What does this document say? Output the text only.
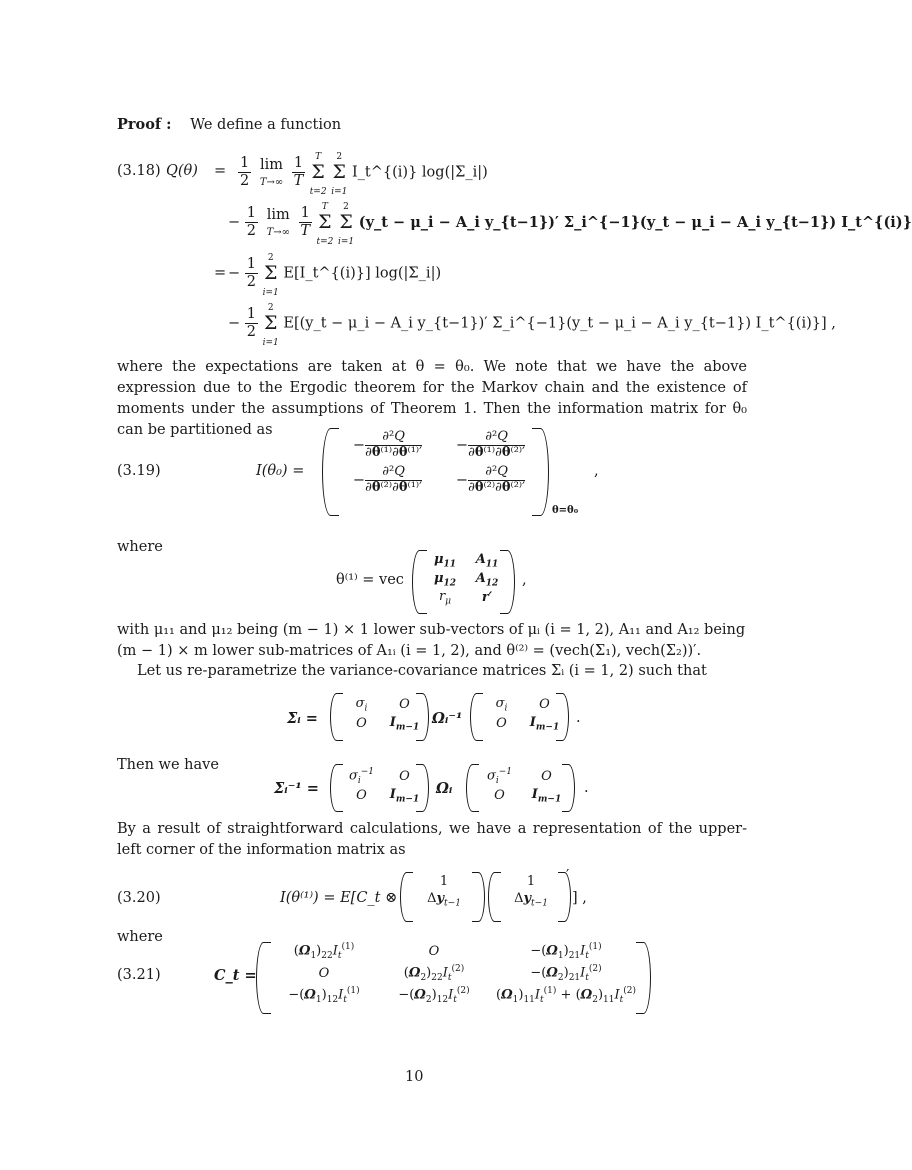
Proof : We define a function
(3.18) $Q(\theta) = \frac{1}{2}$ lim
$T\to\infty \frac{1}{T}$ T
Σ
t=2 2
Σ
i=1 I_t^{(i)} log(|Σ_i|)
− $\frac{1}{2}$ lim
$T\to\infty \frac{1}{T}$ T
Σ
t=2 2
Σ
i=1 (y_t − μ_i − A_i y_{t−1})′ Σ_i^{−1}(y_t − μ_i − A_i y_{t−1}) I_t^{(i)}
= − $\frac{1}{2} 2$
Σ
i=1 E[I_t^{(i)}] log(|Σ_i|)
− $\frac{1}{2} 2$
Σ
i=1 E[(y_t − μ_i − A_i y_{t−1})′ Σ_i^{−1}(y_t − μ_i − A_i y_{t−1}) I_t^{(i)}] ,
where the expectations are taken at θ = θ₀. We note that we have the above expression due to the Ergodic theorem for the Markov chain and the existence of moments under the assumptions of Theorem 1. Then the information matrix for θ₀ can be partitioned as
(3.19)	I(θ₀) =
− $\frac{\text{∂²Q}}{\text{∂θ⁽¹⁾∂θ⁽¹⁾′}}$	− $\frac{\text{∂²Q}}{\text{∂θ⁽¹⁾∂θ⁽²⁾′}}$
− $\frac{\text{∂²Q}}{\text{∂θ⁽²⁾∂θ⁽¹⁾′}}$	− $\frac{\text{∂²Q}}{\text{∂θ⁽²⁾∂θ⁽²⁾′}}$
θ=θ₀
,
where
θ⁽¹⁾ = vec
$\mu_{11}$	$A_{11}$
$\mu_{12}$	$A_{12}$
$r_\mu$	r′
,
with μ₁₁ and μ₁₂ being (m − 1) × 1 lower sub-vectors of μᵢ (i = 1, 2), A₁₁ and A₁₂ being
(m − 1) × m lower sub-matrices of A₁ᵢ (i = 1, 2), and θ⁽²⁾ = (vech(Σ₁), vech(Σ₂))′.
Let us re-parametrize the variance-covariance matrices Σᵢ (i = 1, 2) such that
Σᵢ =
$\sigma_i$	O
O	$I_{m-1}$
Ωᵢ⁻¹
$\sigma_i$	O
O	$I_{m-1}$
.
Then we have
Σᵢ⁻¹ =
$\sigma_i^{-1}$	O
O	$I_{m-1}$
Ωᵢ
$\sigma_i^{-1}$	O
O	$I_{m-1}$
.
By a result of straightforward calculations, we have a representation of the upper-left corner of the information matrix as
(3.20)	I(θ⁽¹⁾) = E[C_t ⊗
1
$\Delta y_{t-1}$
1
$\Delta y_{t-1}$
′
] ,
where
(3.21)	C_t =
$(\Omega_1)_{22}I_t^{(1)}$	O	$-(\Omega_1)_{21}I_t^{(1)}$
O	$(\Omega_2)_{22}I_t^{(2)}$	$-(\Omega_2)_{21}I_t^{(2)}$
$-(\Omega_1)_{12}I_t^{(1)}$	$-(\Omega_2)_{12}I_t^{(2)}$	$(\Omega_1)_{11}I_t^{(1)} + (\Omega_2)_{11}I_t^{(2)}$
10
